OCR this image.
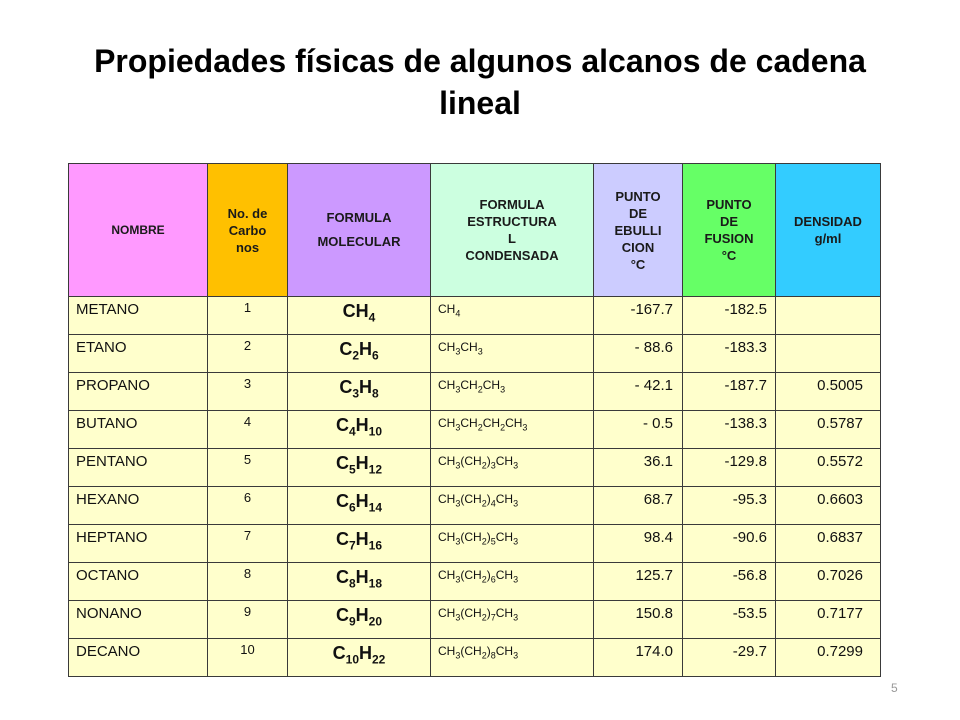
Propiedades físicas de algunos alcanos de cadena
lineal
NOMBRE	No. de
Carbo
nos	FORMULA
MOLECULAR	FORMULA
ESTRUCTURA
L
CONDENSADA	PUNTO
DE
EBULLI
CION
°C	PUNTO
DE
FUSION
°C	DENSIDAD
g/ml

METANO	1	$CH_4$	$CH_4$	-167.7	-182.5	
ETANO	2	$C_2H_6$	$CH_3CH_3$	- 88.6	-183.3	
PROPANO	3	$C_3H_8$	$CH_3CH_2CH_3$	- 42.1	-187.7	0.5005
BUTANO	4	$C_4H_{10}$	$CH_3CH_2CH_2CH_3$	- 0.5	-138.3	0.5787
PENTANO	5	$C_5H_{12}$	$CH_3(CH_2)_3CH_3$	36.1	-129.8	0.5572
HEXANO	6	$C_6H_{14}$	$CH_3(CH_2)_4CH_3$	68.7	-95.3	0.6603
HEPTANO	7	$C_7H_{16}$	$CH_3(CH_2)_5CH_3$	98.4	-90.6	0.6837
OCTANO	8	$C_8H_{18}$	$CH_3(CH_2)_6CH_3$	125.7	-56.8	0.7026
NONANO	9	$C_9H_{20}$	$CH_3(CH_2)_7CH_3$	150.8	-53.5	0.7177
DECANO	10	$C_{10}H_{22}$	$CH_3(CH_2)_8CH_3$	174.0	-29.7	0.7299
5
